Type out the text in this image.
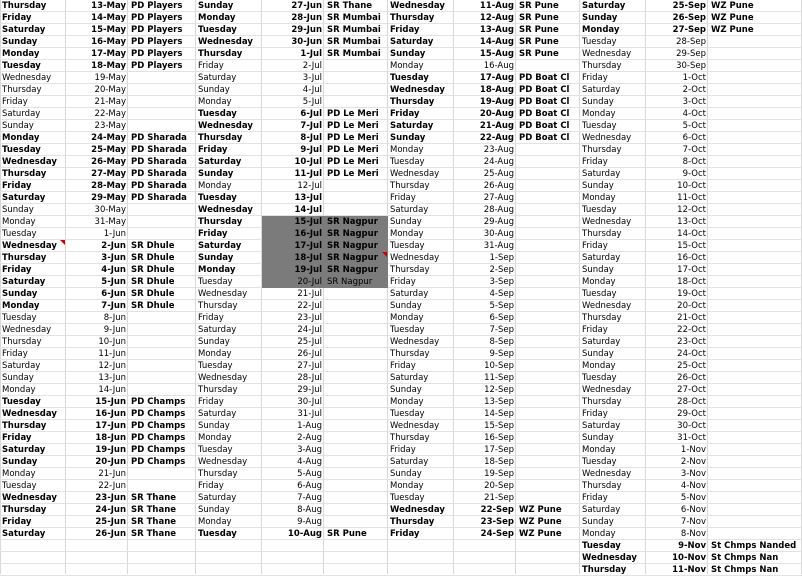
Thursday	13-May PD Players
Friday	14-May PD Players
Saturday	15-May PD Players
Sunday	16-May PD Players
Monday	17-May PD Players
Tuesday	18-May PD Players
Wednesday	19-May
Thursday	20-May
Friday	21-May
Saturday	22-May
Sunday	23-May
Monday	24-May PD Sharada
Tuesday	25-May PD Sharada
Wednesday	26-May PD Sharada
Thursday	27-May PD Sharada
Friday	28-May PD Sharada
Saturday	29-May PD Sharada
Sunday	30-May
Monday	31-May
Tuesday	1-Jun
Wednesday	2-Jun SR Dhule
Thursday	3-Jun SR Dhule
Friday	4-Jun SR Dhule
Saturday	5-Jun SR Dhule
Sunday	6-Jun SR Dhule
Monday	7-Jun SR Dhule
Tuesday	8-Jun
Wednesday	9-Jun
Thursday	10-Jun
Friday	11-Jun
Saturday	12-Jun
Sunday	13-Jun
Monday	14-Jun
Tuesday	15-Jun PD Champs
Wednesday	16-Jun PD Champs
Thursday	17-Jun PD Champs
Friday	18-Jun PD Champs
Saturday	19-Jun PD Champs
Sunday	20-Jun PD Champs
Monday	21-Jun
Tuesday	22-Jun
Wednesday	23-Jun SR Thane
Thursday	24-Jun SR Thane
Friday	25-Jun SR Thane
Saturday	26-Jun SR Thane
Sunday	27-Jun SR Thane
Monday	28-Jun SR Mumbai
Tuesday	29-Jun SR Mumbai
Wednesday	30-Jun SR Mumbai
Thursday	1-Jul SR Mumbai
Friday	2-Jul
Saturday	3-Jul
Sunday	4-Jul
Monday	5-Jul
Tuesday	6-Jul PD Le Meri
Wednesday	7-Jul PD Le Meri
Thursday	8-Jul PD Le Meri
Friday	9-Jul PD Le Meri
Saturday	10-Jul PD Le Meri
Sunday	11-Jul PD Le Meri
Monday	12-Jul
Tuesday	13-Jul
Wednesday	14-Jul
Thursday	15-Jul SR Nagpur
Friday	16-Jul SR Nagpur
Saturday	17-Jul SR Nagpur
Sunday	18-Jul SR Nagpur
Monday	19-Jul SR Nagpur
Tuesday	20-Jul SR Nagpur
Wednesday	21-Jul
Thursday	22-Jul
Friday	23-Jul
Saturday	24-Jul
Sunday	25-Jul
Monday	26-Jul
Tuesday	27-Jul
Wednesday	28-Jul
Thursday	29-Jul
Friday	30-Jul
Saturday	31-Jul
Sunday	1-Aug
Monday	2-Aug
Tuesday	3-Aug
Wednesday	4-Aug
Thursday	5-Aug
Friday	6-Aug
Saturday	7-Aug
Sunday	8-Aug
Monday	9-Aug
Tuesday	10-Aug SR Pune
Wednesday	11-Aug SR Pune
Thursday	12-Aug SR Pune
Friday	13-Aug SR Pune
Saturday	14-Aug SR Pune
Sunday	15-Aug SR Pune
Monday	16-Aug
Tuesday	17-Aug PD Boat Cl
Wednesday	18-Aug PD Boat Cl
Thursday	19-Aug PD Boat Cl
Friday	20-Aug PD Boat Cl
Saturday	21-Aug PD Boat Cl
Sunday	22-Aug PD Boat Cl
Monday	23-Aug
Tuesday	24-Aug
Wednesday	25-Aug
Thursday	26-Aug
Friday	27-Aug
Saturday	28-Aug
Sunday	29-Aug
Monday	30-Aug
Tuesday	31-Aug
Wednesday	1-Sep
Thursday	2-Sep
Friday	3-Sep
Saturday	4-Sep
Sunday	5-Sep
Monday	6-Sep
Tuesday	7-Sep
Wednesday	8-Sep
Thursday	9-Sep
Friday	10-Sep
Saturday	11-Sep
Sunday	12-Sep
Monday	13-Sep
Tuesday	14-Sep
Wednesday	15-Sep
Thursday	16-Sep
Friday	17-Sep
Saturday	18-Sep
Sunday	19-Sep
Monday	20-Sep
Tuesday	21-Sep
Wednesday	22-Sep WZ Pune
Thursday	23-Sep WZ Pune
Friday	24-Sep WZ Pune
Saturday	25-Sep WZ Pune
Sunday	26-Sep WZ Pune
Monday	27-Sep WZ Pune
Tuesday	28-Sep
Wednesday	29-Sep
Thursday	30-Sep
Friday	1-Oct
Saturday	2-Oct
Sunday	3-Oct
Monday	4-Oct
Tuesday	5-Oct
Wednesday	6-Oct
Thursday	7-Oct
Friday	8-Oct
Saturday	9-Oct
Sunday	10-Oct
Monday	11-Oct
Tuesday	12-Oct
Wednesday	13-Oct
Thursday	14-Oct
Friday	15-Oct
Saturday	16-Oct
Sunday	17-Oct
Monday	18-Oct
Tuesday	19-Oct
Wednesday	20-Oct
Thursday	21-Oct
Friday	22-Oct
Saturday	23-Oct
Sunday	24-Oct
Monday	25-Oct
Tuesday	26-Oct
Wednesday	27-Oct
Thursday	28-Oct
Friday	29-Oct
Saturday	30-Oct
Sunday	31-Oct
Monday	1-Nov
Tuesday	2-Nov
Wednesday	3-Nov
Thursday	4-Nov
Friday	5-Nov
Saturday	6-Nov
Sunday	7-Nov
Monday	8-Nov
Tuesday	9-Nov St Chmps Nanded
Wednesday	10-Nov St Chmps Nan
Thursday	11-Nov St Chmps Nan
